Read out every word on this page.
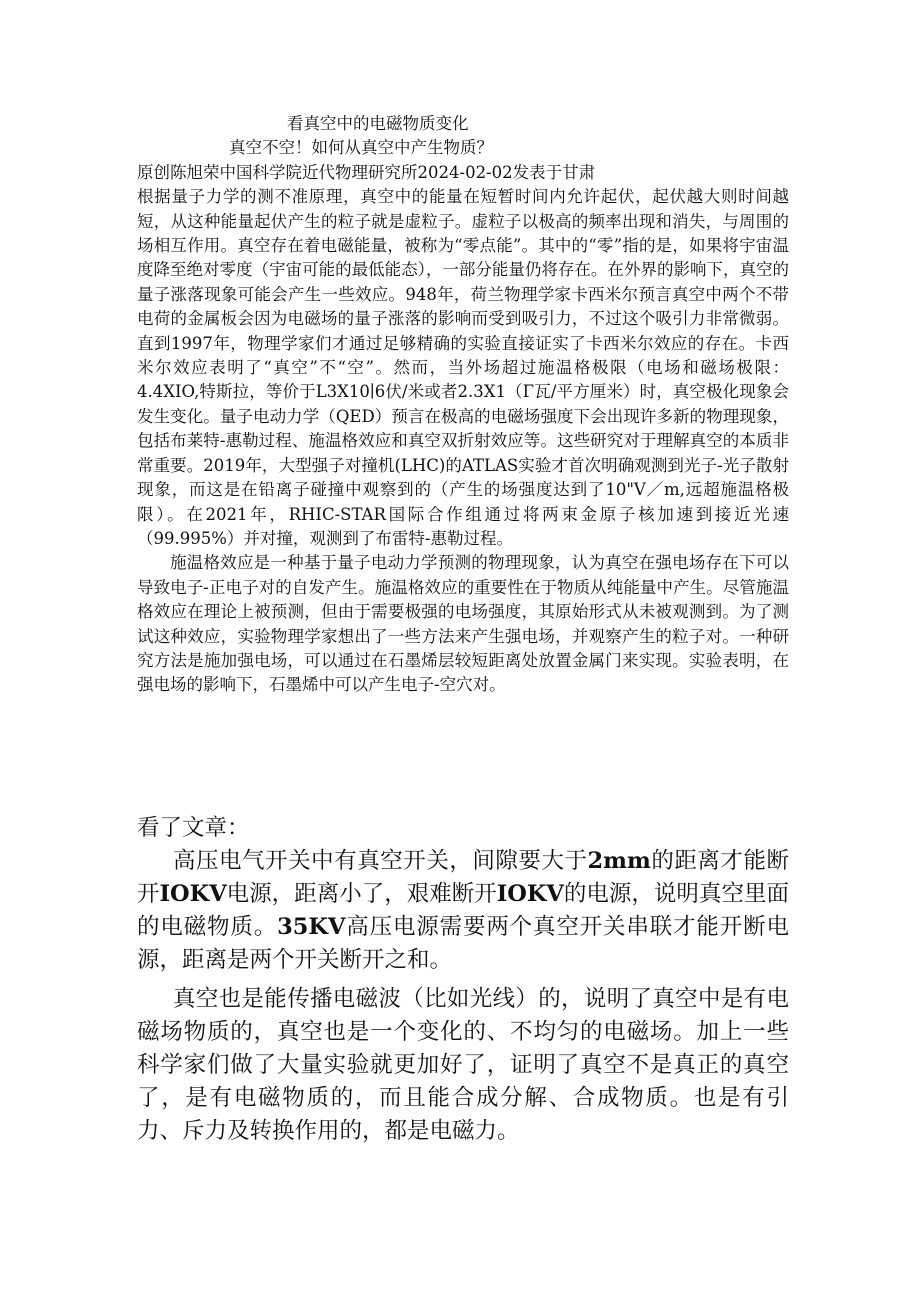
看真空中的电磁物质变化

真空不空！如何从真空中产生物质？

原创陈旭荣中国科学院近代物理研究所2024-02-02发表于甘肃

根据量子力学的测不准原理，真空中的能量在短暂时间内允许起伏，起伏越大则时间越短，从这种能量起伏产生的粒子就是虚粒子。虚粒子以极高的频率出现和消失，与周围的场相互作用。真空存在着电磁能量，被称为“零点能”。其中的“零”指的是，如果将宇宙温度降至绝对零度（宇宙可能的最低能态），一部分能量仍将存在。在外界的影响下，真空的量子涨落现象可能会产生一些效应。948年，荷兰物理学家卡西米尔预言真空中两个不带电荷的金属板会因为电磁场的量子涨落的影响而受到吸引力，不过这个吸引力非常微弱。直到1997年，物理学家们才通过足够精确的实验直接证实了卡西米尔效应的存在。卡西米尔效应表明了“真空”不“空”。然而，当外场超过施温格极限（电场和磁场极限：4.4XIO,特斯拉，等价于L3X10∣6伏/米或者2.3X1（Γ瓦/平方厘米）时，真空极化现象会发生变化。量子电动力学（QED）预言在极高的电磁场强度下会出现许多新的物理现象，包括布莱特-惠勒过程、施温格效应和真空双折射效应等。这些研究对于理解真空的本质非常重要。2019年，大型强子对撞机(LHC)的ATLAS实验才首次明确观测到光子-光子散射现象，而这是在铅离子碰撞中观察到的（产生的场强度达到了10"V／m,远超施温格极限）。在2021年，RHIC-STAR国际合作组通过将两束金原子核加速到接近光速（99.995%）并对撞，观测到了布雷特-惠勒过程。

施温格效应是一种基于量子电动力学预测的物理现象，认为真空在强电场存在下可以导致电子-正电子对的自发产生。施温格效应的重要性在于物质从纯能量中产生。尽管施温格效应在理论上被预测，但由于需要极强的电场强度，其原始形式从未被观测到。为了测试这种效应，实验物理学家想出了一些方法来产生强电场，并观察产生的粒子对。一种研究方法是施加强电场，可以通过在石墨烯层较短距离处放置金属门来实现。实验表明，在强电场的影响下，石墨烯中可以产生电子-空穴对。

看了文章：

高压电气开关中有真空开关，间隙要大于2mm的距离才能断开IOKV电源，距离小了，艰难断开IOKV的电源，说明真空里面的电磁物质。35KV高压电源需要两个真空开关串联才能开断电源，距离是两个开关断开之和。

真空也是能传播电磁波（比如光线）的，说明了真空中是有电磁场物质的，真空也是一个变化的、不均匀的电磁场。加上一些科学家们做了大量实验就更加好了，证明了真空不是真正的真空了，是有电磁物质的，而且能合成分解、合成物质。也是有引力、斥力及转换作用的，都是电磁力。
